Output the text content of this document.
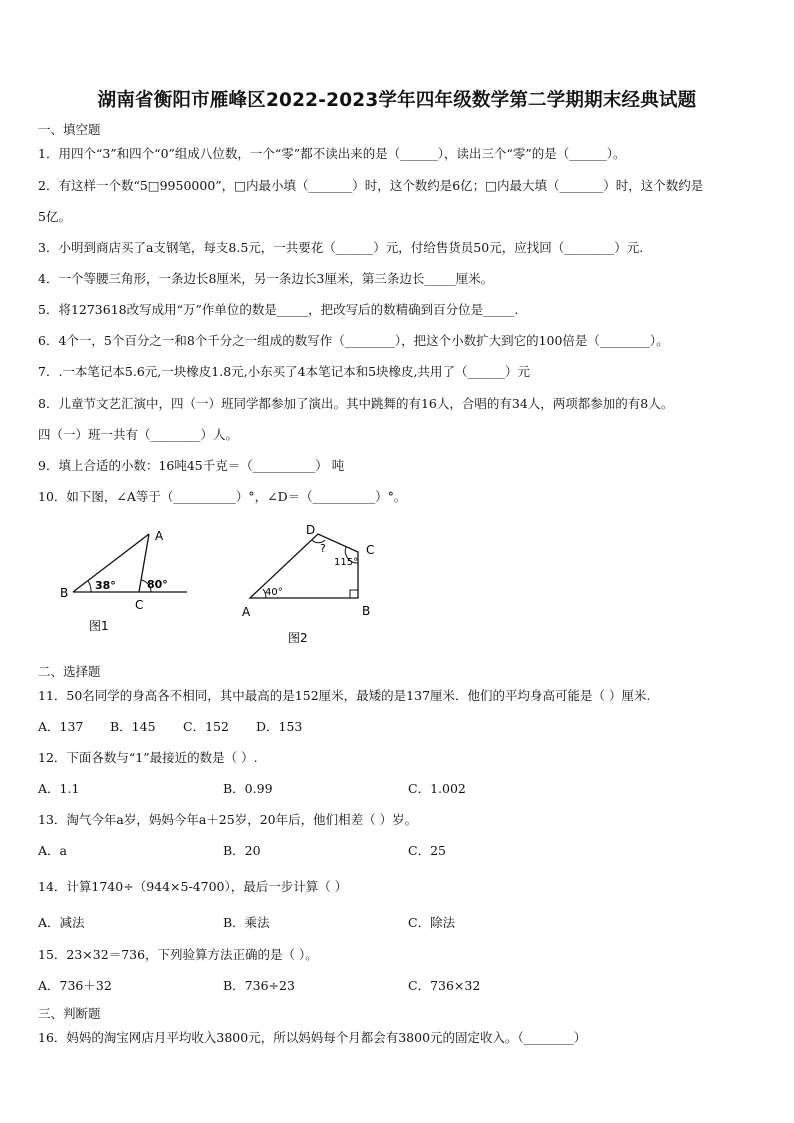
湖南省衡阳市雁峰区2022-2023学年四年级数学第二学期期末经典试题
一、填空题
1．用四个“3”和四个“0”组成八位数，一个“零”都不读出来的是（______），读出三个“零”的是（______）。
2．有这样一个数“5□9950000”，□内最小填（_______）时，这个数约是6亿；□内最大填（_______）时，这个数约是
5亿。
3．小明到商店买了a支钢笔，每支8.5元，一共要花（______）元，付给售货员50元，应找回（________）元.
4．一个等腰三角形，一条边长8厘米，另一条边长3厘米，第三条边长_____厘米。
5．将1273618改写成用“万”作单位的数是_____，把改写后的数精确到百分位是_____.
6．4个一，5个百分之一和8个千分之一组成的数写作（________），把这个小数扩大到它的100倍是（________）。
7．.一本笔记本5.6元,一块橡皮1.8元,小东买了4本笔记本和5块橡皮,共用了（______）元
8．儿童节文艺汇演中，四（一）班同学都参加了演出。其中跳舞的有16人，合唱的有34人，两项都参加的有8人。
四（一）班一共有（________）人。
9．填上合适的小数：16吨45千克＝（__________） 吨
10．如下图，∠A等于（__________）°，∠D＝（__________）°。
A
B
C
38°	80°
图1
A	B
C
D
40°
115°
?
图2
二、选择题
11．50名同学的身高各不相同，其中最高的是152厘米，最矮的是137厘米．他们的平均身高可能是（ ）厘米.
A．137 B．145 C．152 D．153
12．下面各数与“1”最接近的数是（ ）.
A．1.1	B．0.99	C．1.002
13．淘气今年a岁，妈妈今年a＋25岁，20年后，他们相差（ ）岁。
A．a	B．20	C．25
14．计算1740÷（944×5-4700），最后一步计算（ ）
A．减法	B．乘法	C．除法
15．23×32＝736，下列验算方法正确的是（ ）。
A．736＋32	B．736÷23	C．736×32
三、判断题
16．妈妈的淘宝网店月平均收入3800元，所以妈妈每个月都会有3800元的固定收入。（________）
